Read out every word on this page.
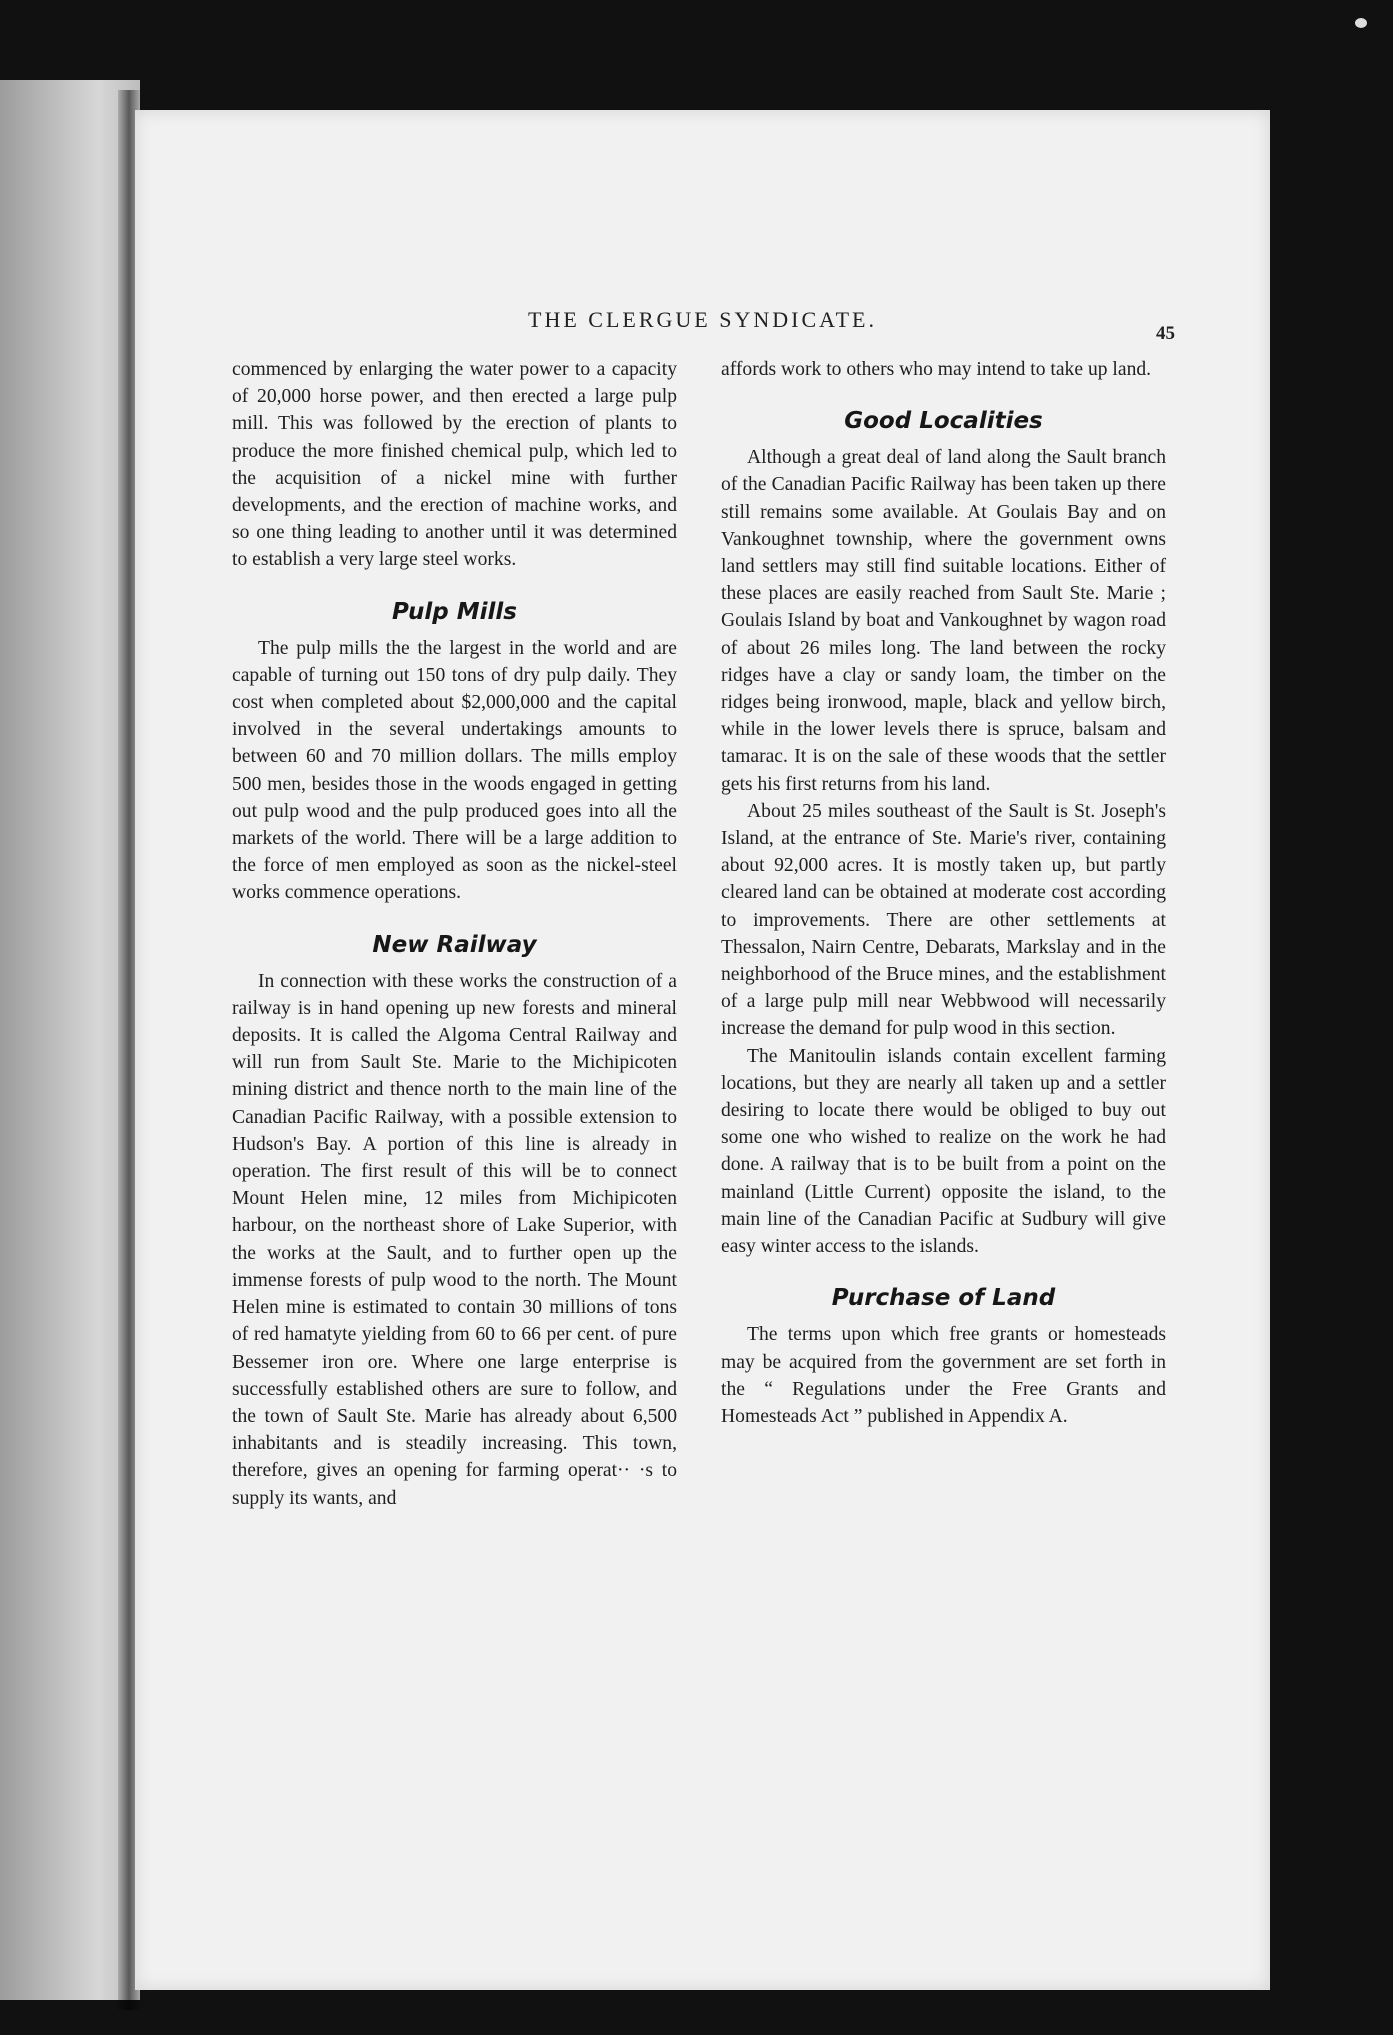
THE CLERGUE SYNDICATE.
45

commenced by enlarging the water power to a capacity of 20,000 horse power, and then erected a large pulp mill. This was followed by the erection of plants to produce the more finished chemical pulp, which led to the acquisition of a nickel mine with further developments, and the erection of machine works, and so one thing leading to another until it was determined to establish a very large steel works.

Pulp Mills

The pulp mills the the largest in the world and are capable of turning out 150 tons of dry pulp daily. They cost when completed about $2,000,000 and the capital involved in the several undertakings amounts to between 60 and 70 million dollars. The mills employ 500 men, besides those in the woods engaged in getting out pulp wood and the pulp produced goes into all the markets of the world. There will be a large addition to the force of men employed as soon as the nickel-steel works commence operations.

New Railway

In connection with these works the construction of a railway is in hand opening up new forests and mineral deposits. It is called the Algoma Central Railway and will run from Sault Ste. Marie to the Michipicoten mining district and thence north to the main line of the Canadian Pacific Railway, with a possible extension to Hudson's Bay. A portion of this line is already in operation. The first result of this will be to connect Mount Helen mine, 12 miles from Michipicoten harbour, on the northeast shore of Lake Superior, with the works at the Sault, and to further open up the immense forests of pulp wood to the north. The Mount Helen mine is estimated to contain 30 millions of tons of red hamatyte yielding from 60 to 66 per cent. of pure Bessemer iron ore. Where one large enterprise is successfully established others are sure to follow, and the town of Sault Ste. Marie has already about 6,500 inhabitants and is steadily increasing. This town, therefore, gives an opening for farming operat·· ·s to supply its wants, and

affords work to others who may intend to take up land.

Good Localities

Although a great deal of land along the Sault branch of the Canadian Pacific Railway has been taken up there still remains some available. At Goulais Bay and on Vankoughnet township, where the government owns land settlers may still find suitable locations. Either of these places are easily reached from Sault Ste. Marie ; Goulais Island by boat and Vankoughnet by wagon road of about 26 miles long. The land between the rocky ridges have a clay or sandy loam, the timber on the ridges being ironwood, maple, black and yellow birch, while in the lower levels there is spruce, balsam and tamarac. It is on the sale of these woods that the settler gets his first returns from his land.

About 25 miles southeast of the Sault is St. Joseph's Island, at the entrance of Ste. Marie's river, containing about 92,000 acres. It is mostly taken up, but partly cleared land can be obtained at moderate cost according to improvements. There are other settlements at Thessalon, Nairn Centre, Debarats, Markslay and in the neighborhood of the Bruce mines, and the establishment of a large pulp mill near Webbwood will necessarily increase the demand for pulp wood in this section.

The Manitoulin islands contain excellent farming locations, but they are nearly all taken up and a settler desiring to locate there would be obliged to buy out some one who wished to realize on the work he had done. A railway that is to be built from a point on the mainland (Little Current) opposite the island, to the main line of the Canadian Pacific at Sudbury will give easy winter access to the islands.

Purchase of Land

The terms upon which free grants or homesteads may be acquired from the government are set forth in the “ Regulations under the Free Grants and Homesteads Act ” published in Appendix A.
